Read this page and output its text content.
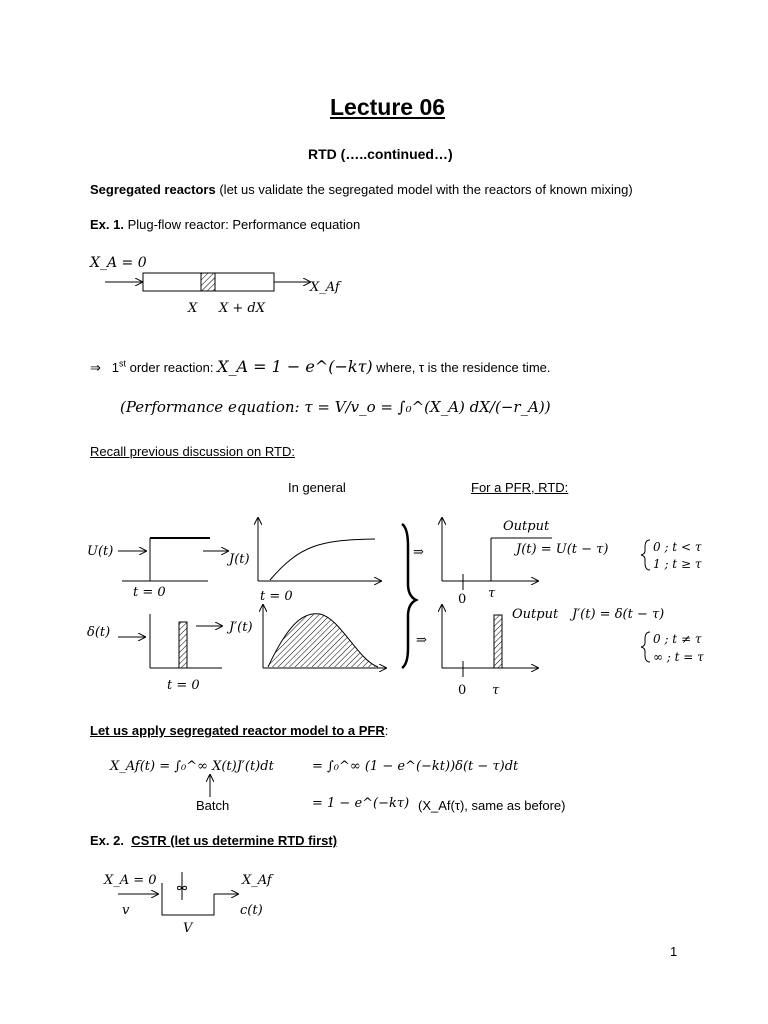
Lecture 06
RTD (…..continued…)
Segregated reactors (let us validate the segregated model with the reactors of known mixing)
Ex. 1. Plug-flow reactor: Performance equation
X_A = 0
X_Af
X X + dX
⇒ 1st order reaction: X_A = 1 − e^(−kτ) where, τ is the residence time.
(Performance equation: τ = V/v_o = ∫₀^(X_A) dX/(−r_A))
Recall previous discussion on RTD:
In general	For a PFR, RTD:
U(t)
J(t)
t = 0	t = 0
δ(t)	J′(t)
t = 0
Output
J(t) = U(t − τ)
0 τ
Output J′(t) = δ(t − τ)
0 τ
⇒
⇒
0 ; t < τ
1 ; t ≥ τ
0 ; t ≠ τ
∞ ; t = τ
Let us apply segregated reactor model to a PFR:
X_Af(t) = ∫₀^∞ X(t)J′(t)dt	= ∫₀^∞ (1 − e^(−kt))δ(t − τ)dt
Batch	= 1 − e^(−kτ) (X_Af(τ), same as before)
Ex. 2. CSTR (let us determine RTD first)
X_A = 0
v
V
X_Af
c(t)
1
